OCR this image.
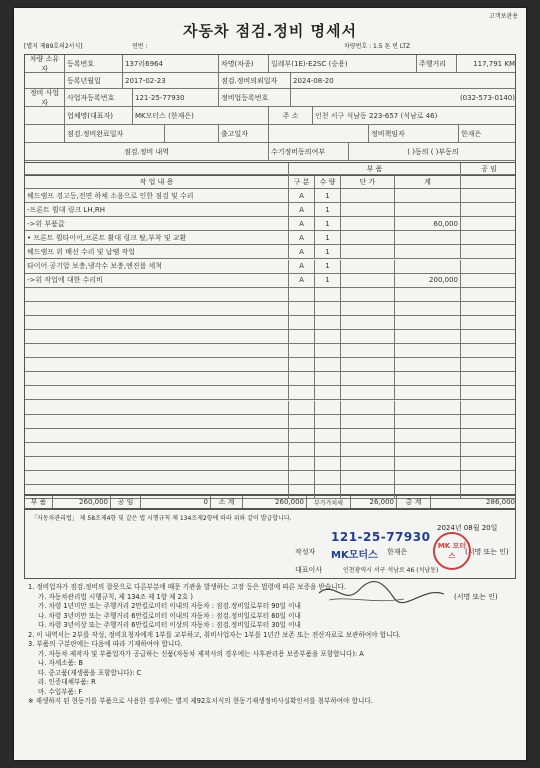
고객보관용
자동차 점검.정비 명세서
[별지 제89호의2서식]	연번 :	차량번호 : 1.5 톤 빈 LTZ
차량 소유자
등록번호	137러6964	차명(차종)	일레부(1E)-E2SC (승용)	주행거리	117,791 KM
등록년월일	2017-02-23	점검.정비의뢰일자	2024-08-20
정비 사업자
사업자등록번호	121-25-77930	정비업등록번호	(032-573-0140)
업체명(대표자)	MK모터스 (한재은)	주 소	인천 서구 석남동 223-657 (석남로 46)
점검.정비완료일자	출고일자	정비책임자	한재은
점검.정비 내역	수기정비동의여부	( )동의 ( )부동의
부 품	공 임
작 업 내 용	구 분	수 량	단 가	계
헤드램프 경고등,전면 하체 소음으로 인한 점검 및 수리	A	1
-프론트 휠대 링크 LH,RH	A	1
->위 부품값	A	1	60,000
• 프론트 휠타이어,프론트 활대 링크 탈,부착 및 교환	A	1
헤드램프 위 배선 수리 및 납땜 작업	A	1
타이어 공기압 보충,냉각수 보충,엔진룸 세척	A	1
->위 작업에 대한 수리비	A	1	200,000
부 품	260,000	공 임	0	소 계	260,000	부가가치세	26,000	총 계	286,000
「자동차관리법」 제 58조제4항 및 같은 법 시행규칙 제 134조제2항에 따라 위와 같이 발급합니다.
121-25-77930
2024년 08월 20일
작성자 MK모터스 한재은	(서명 또는 인)
MK 모터스
대표이사	인천광역시 서구 석남로 46 (석남동)
(서명 또는 인)
1. 정비업자가 점검.정비의 잘못으로 다른부분에 때문 기관을 발생하는 고장 등은 법령에 따른 보증을 받습니다.
가. 자동차관리법 시행규칙, 제 134조 제 1항 제 2호 )
가. 차령 1년미만 또는 주행거리 2만킬로미터 이내의 자동차 : 점검.정비일로부터 90일 이내
나. 차령 3년미만 또는 주행거리 6만킬로미터 이내의 자동차 : 점검.정비일로부터 60일 이내
다. 차령 3년이상 또는 주행거리 6만킬로미터 이상의 자동차 : 점검.정비일로부터 30일 이내
2. 이 내역서는 2부를 작성, 정비요청자에게 1부를 교부하고, 취비사업자는 1부를 1년간 보존 또는 전산자료로 보관하여야 합니다.
3. 부품의 구분란에는 다음에 따라 기재하여야 합니다.
가. 자동차 제작자 및 부품업자가 공급하는 신품(자동차 제작사의 경우에는 사후관리용 보증부품을 포함합니다): A
나. 자세소품: B
다. 중고품(재생품을 포함합니다): C
라. 인증대체부품: R
마. 수입부품: F
※ 재생하지 된 현동기를 부품으로 사용한 경우에는 별지 제92호서식의 현동기재생정비사실확인서를 첨부하여야 합니다.
